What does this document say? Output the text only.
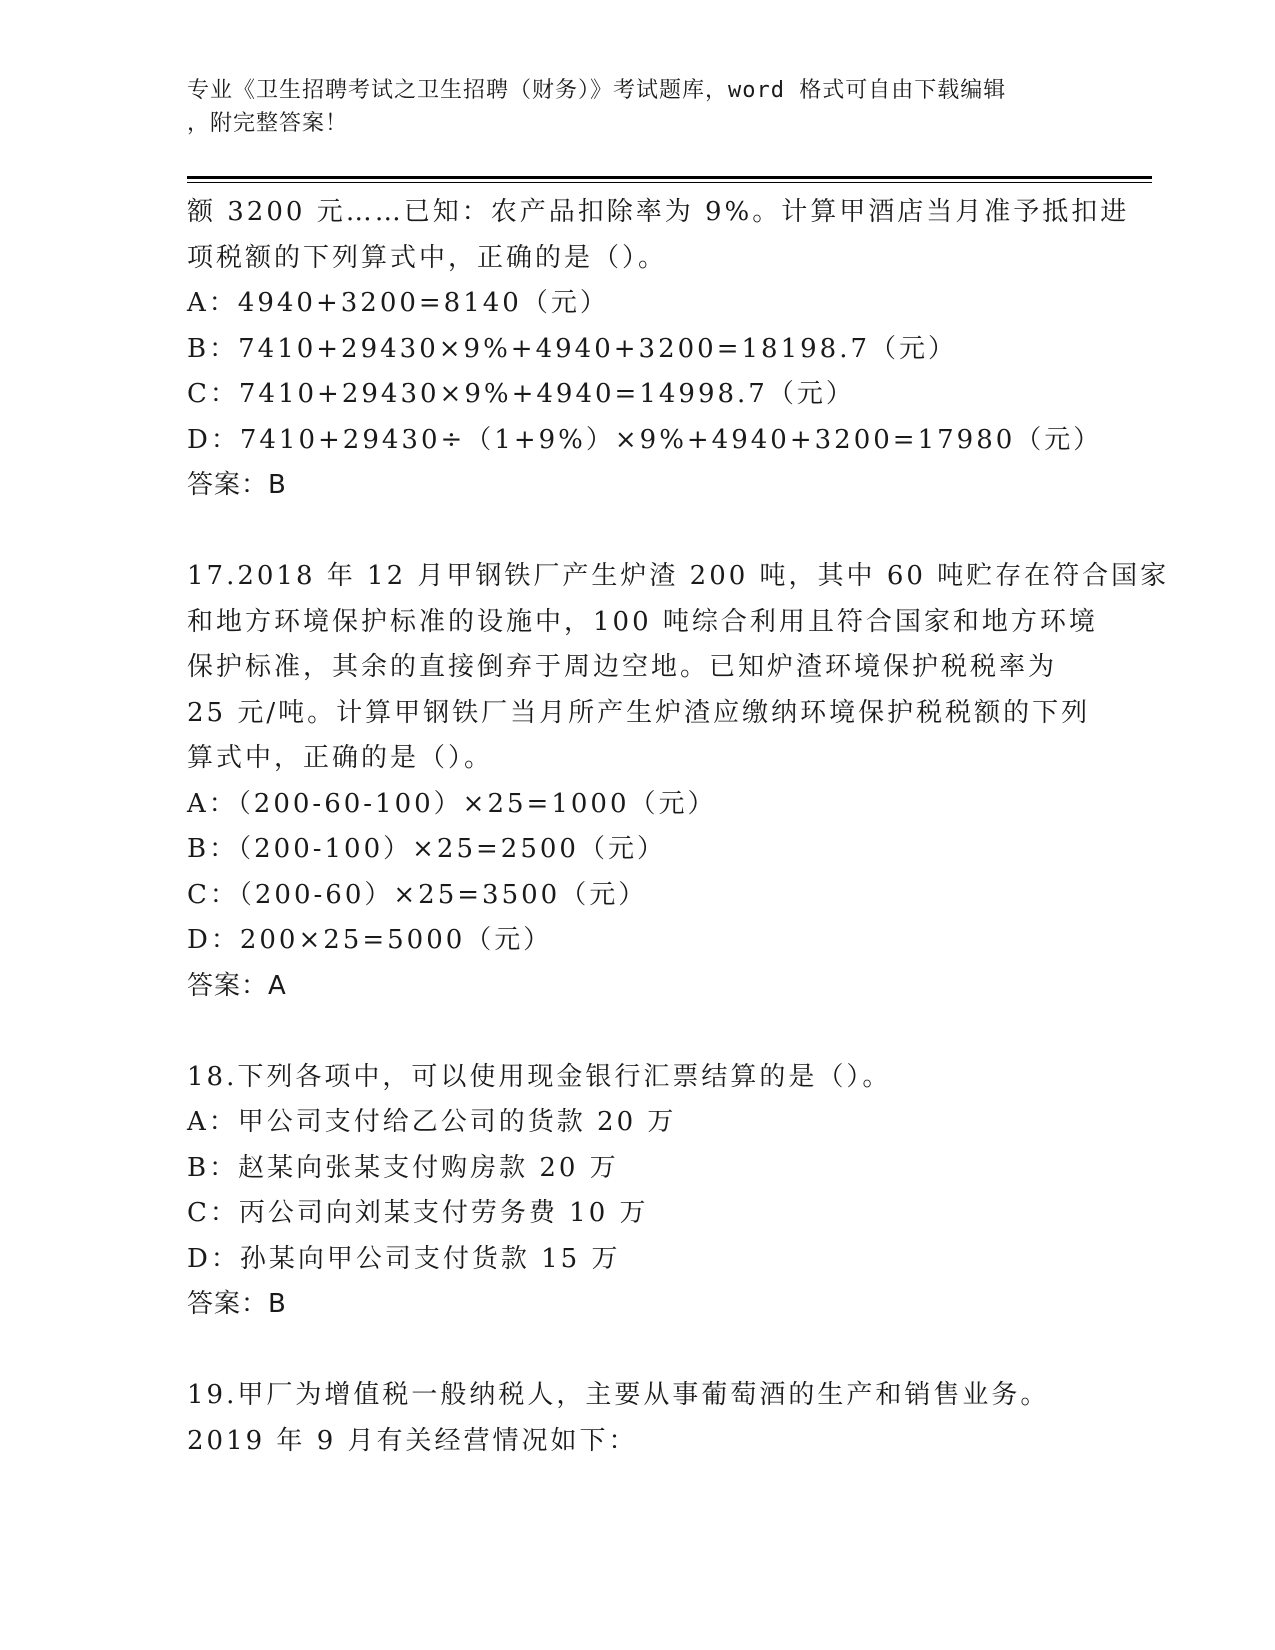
专业《卫生招聘考试之卫生招聘（财务）》考试题库，word 格式可自由下载编辑
，附完整答案！
额 3200 元……已知：农产品扣除率为 9%。计算甲酒店当月准予抵扣进
项税额的下列算式中，正确的是（）。
A：4940+3200=8140（元）
B：7410+29430×9%+4940+3200=18198.7（元）
C：7410+29430×9%+4940=14998.7（元）
D：7410+29430÷（1+9%）×9%+4940+3200=17980（元）
答案：B
17.2018 年 12 月甲钢铁厂产生炉渣 200 吨，其中 60 吨贮存在符合国家
和地方环境保护标准的设施中，100 吨综合利用且符合国家和地方环境
保护标准，其余的直接倒弃于周边空地。已知炉渣环境保护税税率为
25 元/吨。计算甲钢铁厂当月所产生炉渣应缴纳环境保护税税额的下列
算式中，正确的是（）。
A：（200-60-100）×25=1000（元）
B：（200-100）×25=2500（元）
C：（200-60）×25=3500（元）
D：200×25=5000（元）
答案：A
18.下列各项中，可以使用现金银行汇票结算的是（）。
A：甲公司支付给乙公司的货款 20 万
B：赵某向张某支付购房款 20 万
C：丙公司向刘某支付劳务费 10 万
D：孙某向甲公司支付货款 15 万
答案：B
19.甲厂为增值税一般纳税人，主要从事葡萄酒的生产和销售业务。
2019 年 9 月有关经营情况如下：
